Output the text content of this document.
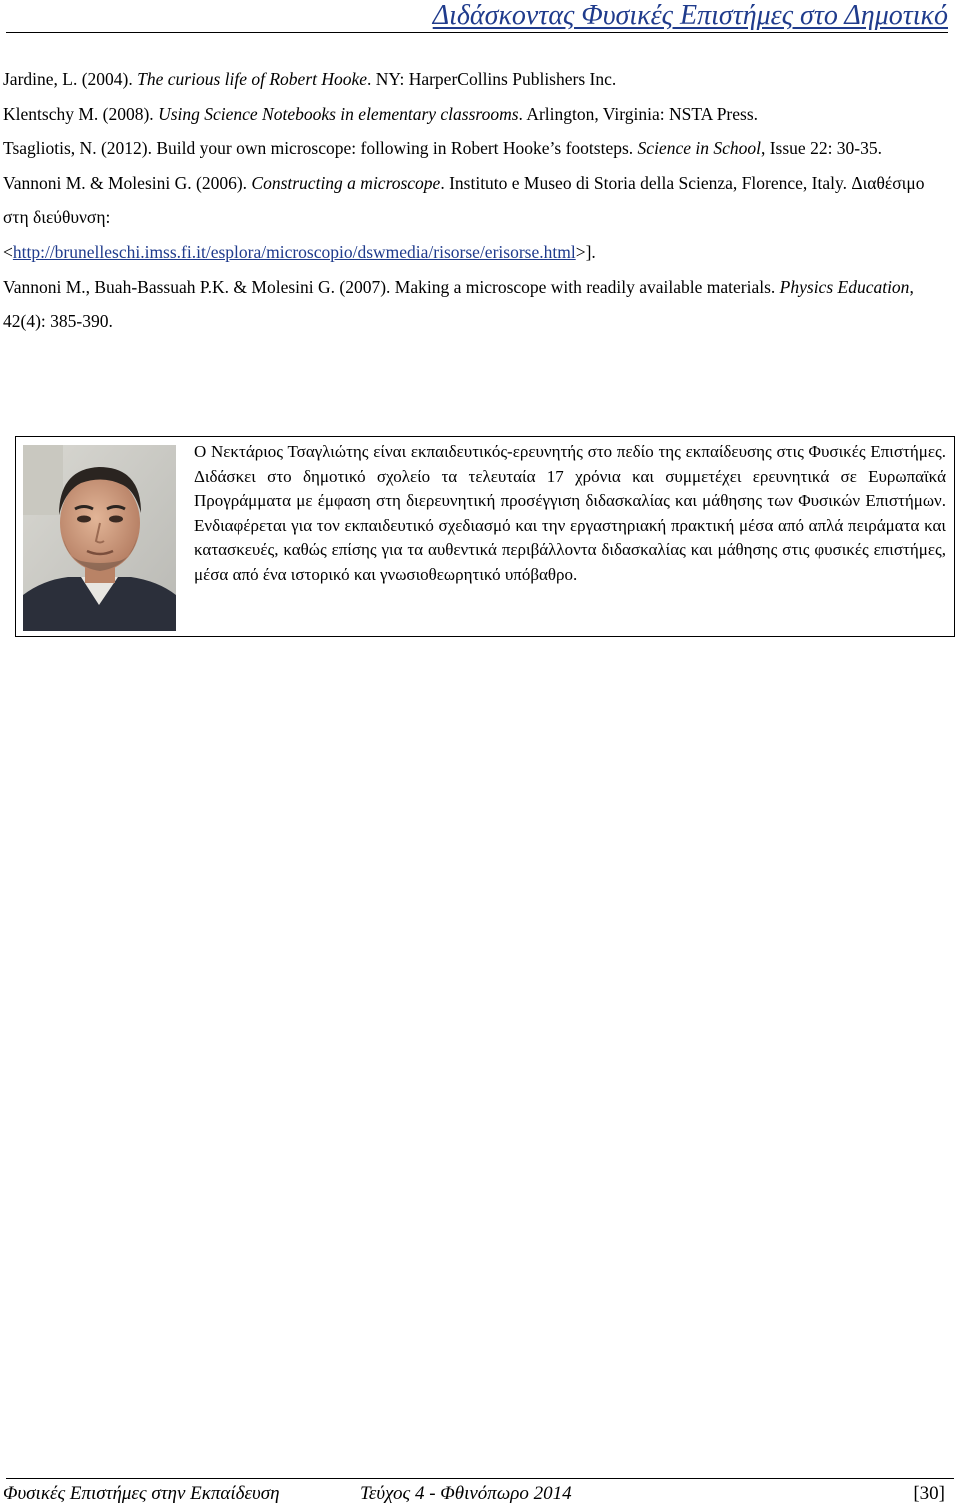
Διδάσκοντας Φυσικές Επιστήμες στο Δημοτικό

Jardine, L. (2004). The curious life of Robert Hooke. NY: HarperCollins Publishers Inc.

Klentschy M. (2008). Using Science Notebooks in elementary classrooms. Arlington, Virginia: NSTA Press.

Tsagliotis, N. (2012). Build your own microscope: following in Robert Hooke’s footsteps. Science in School, Issue 22: 30-35.

Vannoni M. & Molesini G. (2006). Constructing a microscope. Instituto e Museo di Storia della Scienza, Florence, Italy. Διαθέσιμο στη διεύθυνση:
<http://brunelleschi.imss.fi.it/esplora/microscopio/dswmedia/risorse/erisorse.html>].

Vannoni M., Buah-Bassuah P.K. & Molesini G. (2007). Making a microscope with readily available materials. Physics Education, 42(4): 385-390.

Ο Νεκτάριος Τσαγλιώτης είναι εκπαιδευτικός-ερευνητής στο πεδίο της εκπαίδευσης στις Φυσικές Επιστήμες. Διδάσκει στο δημοτικό σχολείο τα τελευταία 17 χρόνια και συμμετέχει ερευνητικά σε Ευρωπαϊκά Προγράμματα με έμφαση στη διερευνητική προσέγγιση διδασκαλίας και μάθησης των Φυσικών Επιστήμων. Ενδιαφέρεται για τον εκπαιδευτικό σχεδιασμό και την εργαστηριακή πρακτική μέσα από απλά πειράματα και κατασκευές, καθώς επίσης για τα αυθεντικά περιβάλλοντα διδασκαλίας και μάθησης στις φυσικές επιστήμες, μέσα από ένα ιστορικό και γνωσιοθεωρητικό υπόβαθρο.
Φυσικές Επιστήμες στην Εκπαίδευση	Τεύχος 4 - Φθινόπωρο 2014	[30]
